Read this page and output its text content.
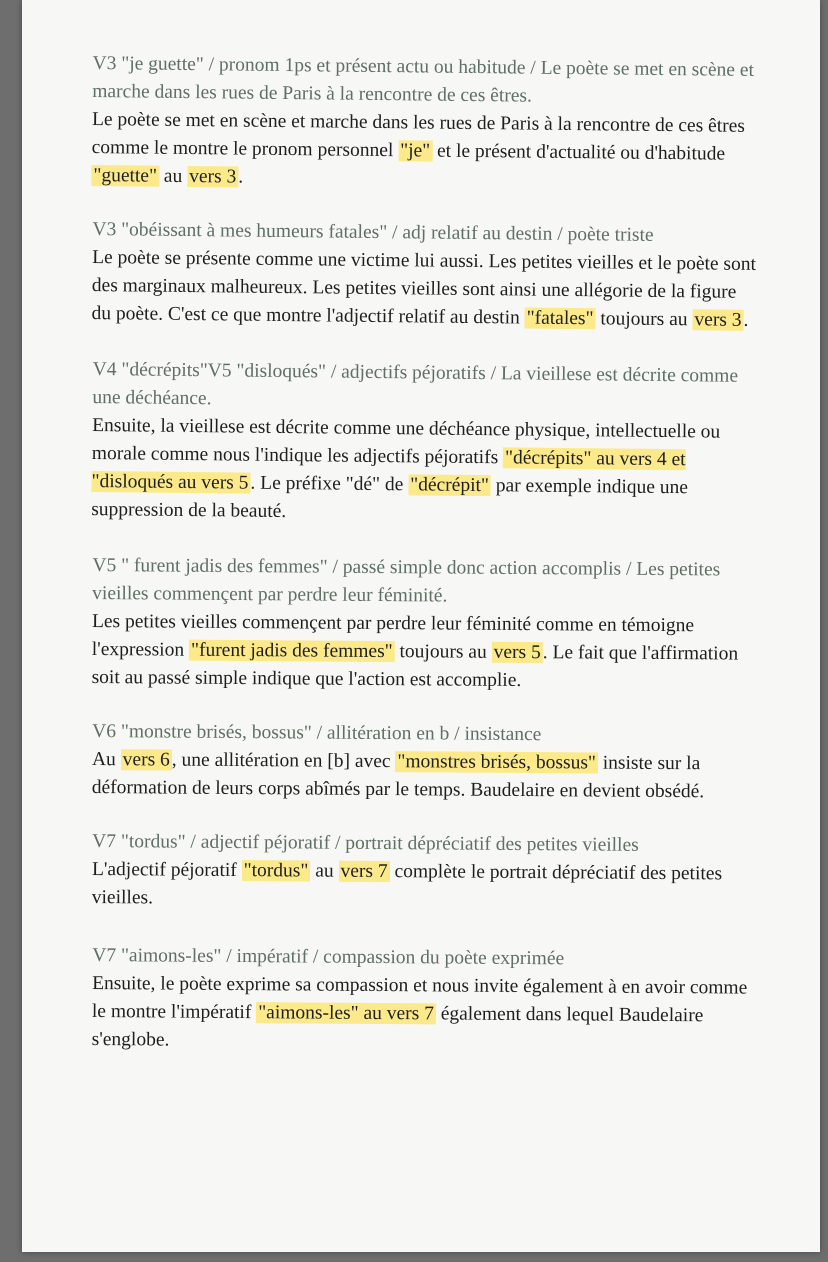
V3 "je guette" / pronom 1ps et présent actu ou habitude / Le poète se met en scène et marche dans les rues de Paris à la rencontre de ces êtres.

Le poète se met en scène et marche dans les rues de Paris à la rencontre de ces êtres comme le montre le pronom personnel "je" et le présent d'actualité ou d'habitude "guette" au vers 3.

V3 "obéissant à mes humeurs fatales" / adj relatif au destin / poète triste

Le poète se présente comme une victime lui aussi. Les petites vieilles et le poète sont des marginaux malheureux. Les petites vieilles sont ainsi une allégorie de la figure du poète. C'est ce que montre l'adjectif relatif au destin "fatales" toujours au vers 3.

V4 "décrépits"V5 "disloqués" / adjectifs péjoratifs / La vieillese est décrite comme une déchéance.

Ensuite, la vieillese est décrite comme une déchéance physique, intellectuelle ou morale comme nous l'indique les adjectifs péjoratifs "décrépits" au vers 4 et "disloqués au vers 5. Le préfixe "dé" de "décrépit" par exemple indique une suppression de la beauté.

V5 " furent jadis des femmes" / passé simple donc action accomplis / Les petites vieilles commençent par perdre leur féminité.

Les petites vieilles commençent par perdre leur féminité comme en témoigne l'expression "furent jadis des femmes" toujours au vers 5. Le fait que l'affirmation soit au passé simple indique que l'action est accomplie.

V6 "monstre brisés, bossus" / allitération en b / insistance

Au vers 6, une allitération en [b] avec "monstres brisés, bossus" insiste sur la déformation de leurs corps abîmés par le temps. Baudelaire en devient obsédé.

V7 "tordus" / adjectif péjoratif / portrait dépréciatif des petites vieilles

L'adjectif péjoratif "tordus" au vers 7 complète le portrait dépréciatif des petites vieilles.

V7 "aimons-les" / impératif / compassion du poète exprimée

Ensuite, le poète exprime sa compassion et nous invite également à en avoir comme le montre l'impératif "aimons-les" au vers 7 également dans lequel Baudelaire s'englobe.
